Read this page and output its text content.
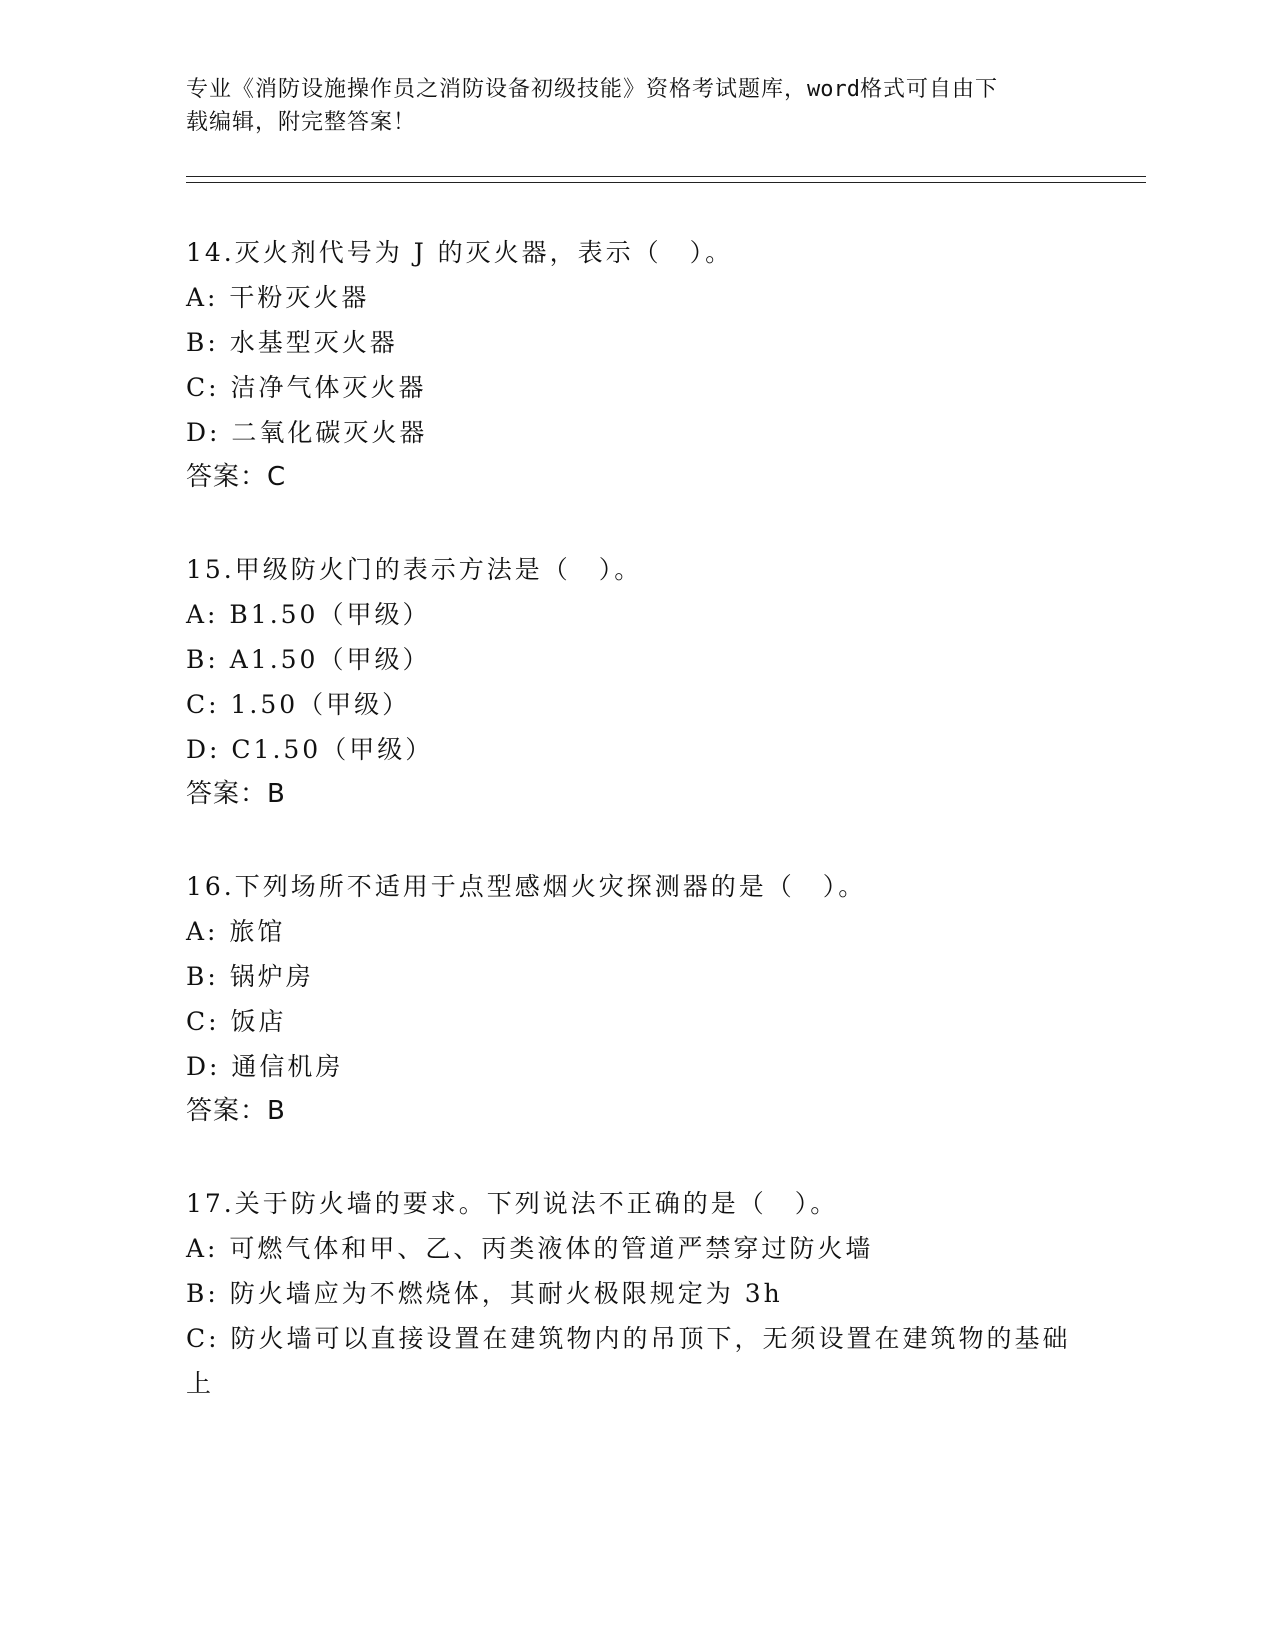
专业《消防设施操作员之消防设备初级技能》资格考试题库，word格式可自由下
载编辑，附完整答案！
14.灭火剂代号为 J 的灭火器，表示（　）。
A: 干粉灭火器
B: 水基型灭火器
C: 洁净气体灭火器
D: 二氧化碳灭火器
答案：C
15.甲级防火门的表示方法是（　）。
A: B1.50（甲级）
B: A1.50（甲级）
C: 1.50（甲级）
D: C1.50（甲级）
答案：B
16.下列场所不适用于点型感烟火灾探测器的是（　）。
A: 旅馆
B: 锅炉房
C: 饭店
D: 通信机房
答案：B
17.关于防火墙的要求。下列说法不正确的是（　）。
A: 可燃气体和甲、乙、丙类液体的管道严禁穿过防火墙
B: 防火墙应为不燃烧体，其耐火极限规定为 3h
C: 防火墙可以直接设置在建筑物内的吊顶下，无须设置在建筑物的基础上
